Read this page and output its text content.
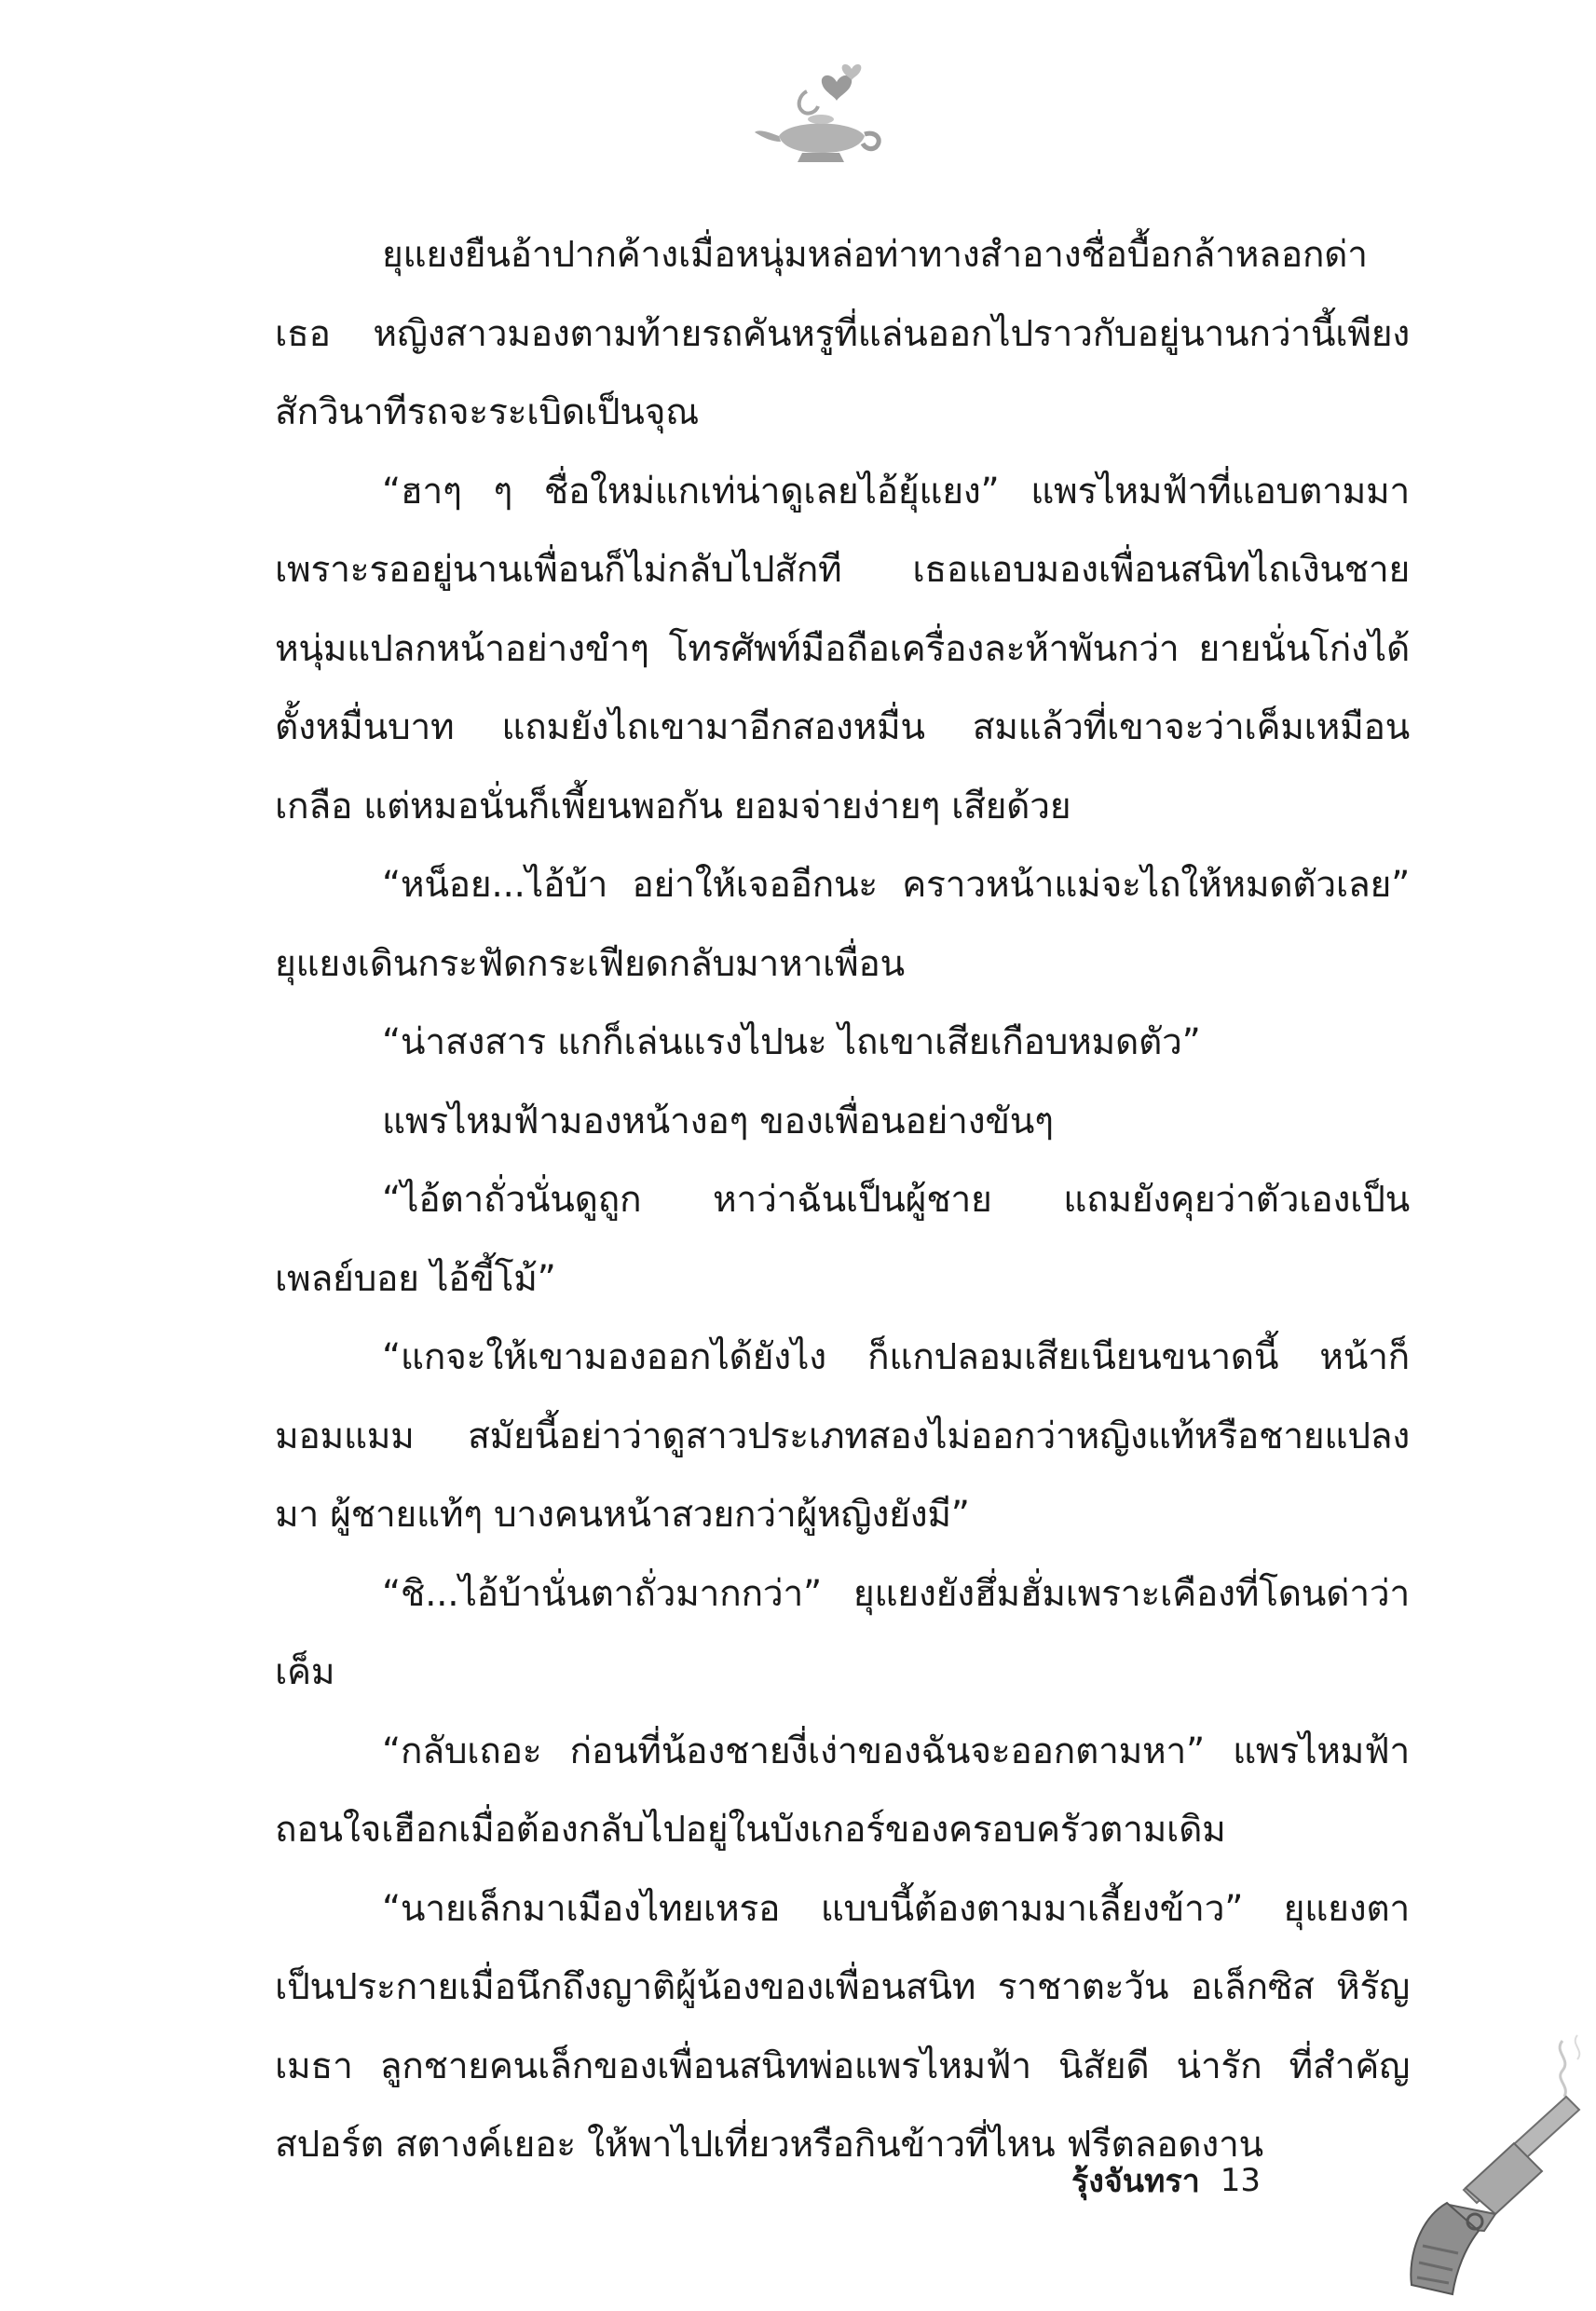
ยุแยงยืนอ้าปากค้างเมื่อหนุ่มหล่อท่าทางสำอางชื่อบื้อกล้าหลอกด่าเธอ หญิงสาวมองตามท้ายรถคันหรูที่แล่นออกไปราวกับอยู่นานกว่านี้เพียงสักวินาทีรถจะระเบิดเป็นจุณ

“ฮาๆ ๆ ชื่อใหม่แกเท่น่าดูเลยไอ้ยุ้แยง” แพรไหมฟ้าที่แอบตามมาเพราะรออยู่นานเพื่อนก็ไม่กลับไปสักที เธอแอบมองเพื่อนสนิทไถเงินชายหนุ่มแปลกหน้าอย่างขำๆ โทรศัพท์มือถือเครื่องละห้าพันกว่า ยายนั่นโก่งได้ตั้งหมื่นบาท แถมยังไถเขามาอีกสองหมื่น สมแล้วที่เขาจะว่าเค็มเหมือนเกลือ แต่หมอนั่นก็เพี้ยนพอกัน ยอมจ่ายง่ายๆ เสียด้วย

“หน็อย...ไอ้บ้า อย่าให้เจออีกนะ คราวหน้าแม่จะไถให้หมดตัวเลย” ยุแยงเดินกระฟัดกระเฟียดกลับมาหาเพื่อน

“น่าสงสาร แกก็เล่นแรงไปนะ ไถเขาเสียเกือบหมดตัว”

แพรไหมฟ้ามองหน้างอๆ ของเพื่อนอย่างขันๆ

“ไอ้ตาถั่วนั่นดูถูก หาว่าฉันเป็นผู้ชาย แถมยังคุยว่าตัวเองเป็นเพลย์บอย ไอ้ขี้โม้”

“แกจะให้เขามองออกได้ยังไง ก็แกปลอมเสียเนียนขนาดนี้ หน้าก็มอมแมม สมัยนี้อย่าว่าดูสาวประเภทสองไม่ออกว่าหญิงแท้หรือชายแปลงมา ผู้ชายแท้ๆ บางคนหน้าสวยกว่าผู้หญิงยังมี”

“ชิ...ไอ้บ้านั่นตาถั่วมากกว่า” ยุแยงยังฮึ่มฮั่มเพราะเคืองที่โดนด่าว่าเค็ม

“กลับเถอะ ก่อนที่น้องชายงี่เง่าของฉันจะออกตามหา” แพรไหมฟ้าถอนใจเฮือกเมื่อต้องกลับไปอยู่ในบังเกอร์ของครอบครัวตามเดิม

“นายเล็กมาเมืองไทยเหรอ แบบนี้ต้องตามมาเลี้ยงข้าว” ยุแยงตาเป็นประกายเมื่อนึกถึงญาติผู้น้องของเพื่อนสนิท ราชาตะวัน อเล็กซิส หิรัญเมธา ลูกชายคนเล็กของเพื่อนสนิทพ่อแพรไหมฟ้า นิสัยดี น่ารัก ที่สำคัญ สปอร์ต สตางค์เยอะ ให้พาไปเที่ยวหรือกินข้าวที่ไหน ฟรีตลอดงาน

รุ้งจันทรา 13
